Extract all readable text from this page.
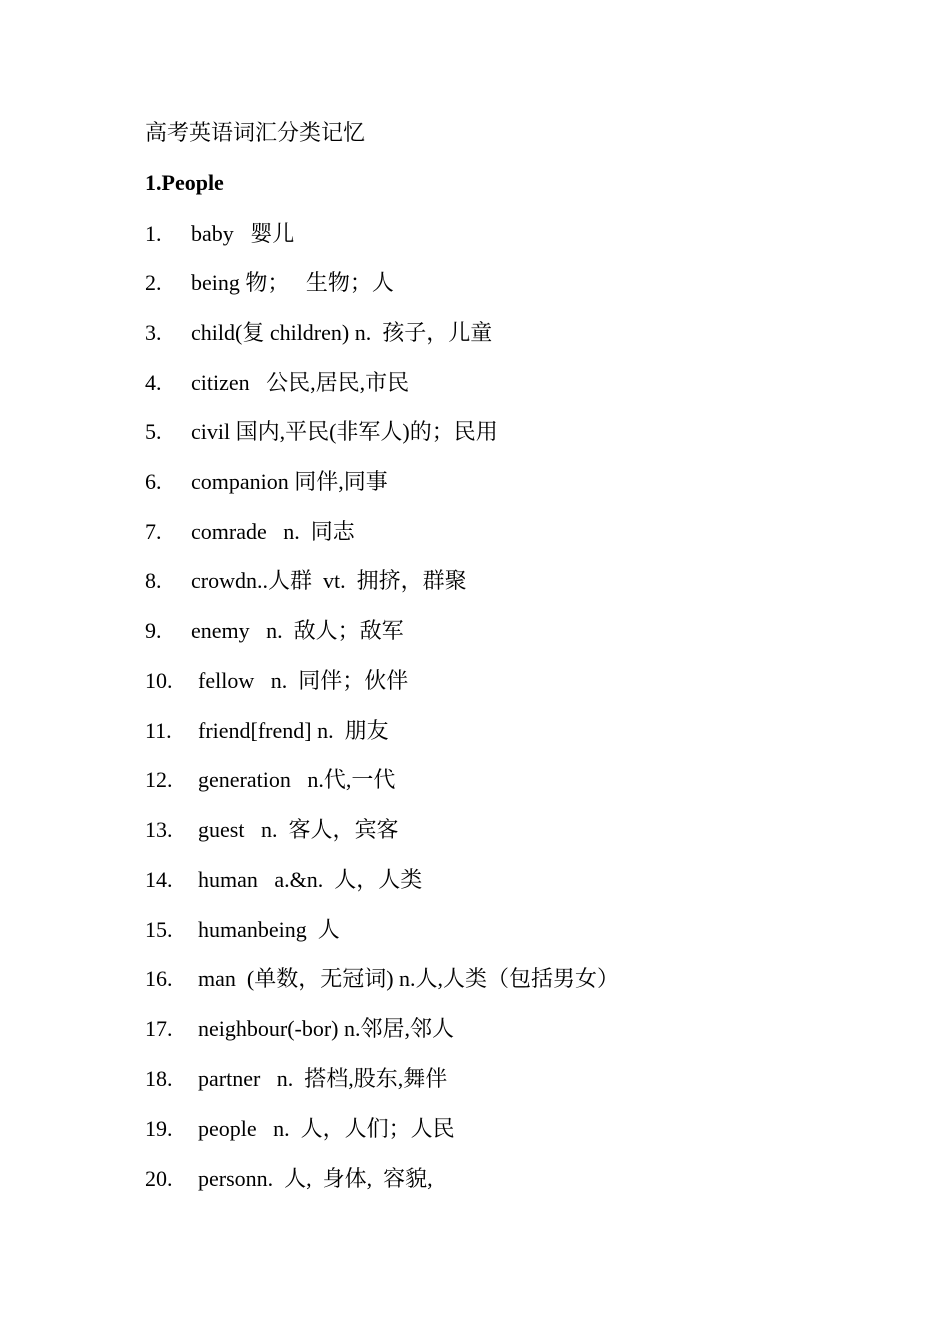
高考英语词汇分类记忆
1.People
1. baby   婴儿
2. being 物；   生物；人
3. child(复 children) n.  孩子，儿童
4. citizen   公民,居民,市民
5. civil 国内,平民(非军人)的；民用
6. companion 同伴,同事
7. comrade   n.  同志
8. crowdn..人群  vt.  拥挤，群聚
9. enemy   n.  敌人；敌军
10. fellow   n.  同伴；伙伴
11. friend[frend] n.  朋友
12. generation   n.代,一代
13. guest   n.  客人，宾客
14. human   a.&n.  人，人类
15. humanbeing  人
16. man  (单数，无冠词) n.人,人类（包括男女）
17. neighbour(-bor) n.邻居,邻人
18. partner   n.  搭档,股东,舞伴
19. people   n.  人，人们；人民
20. personn.  人,  身体,  容貌,
